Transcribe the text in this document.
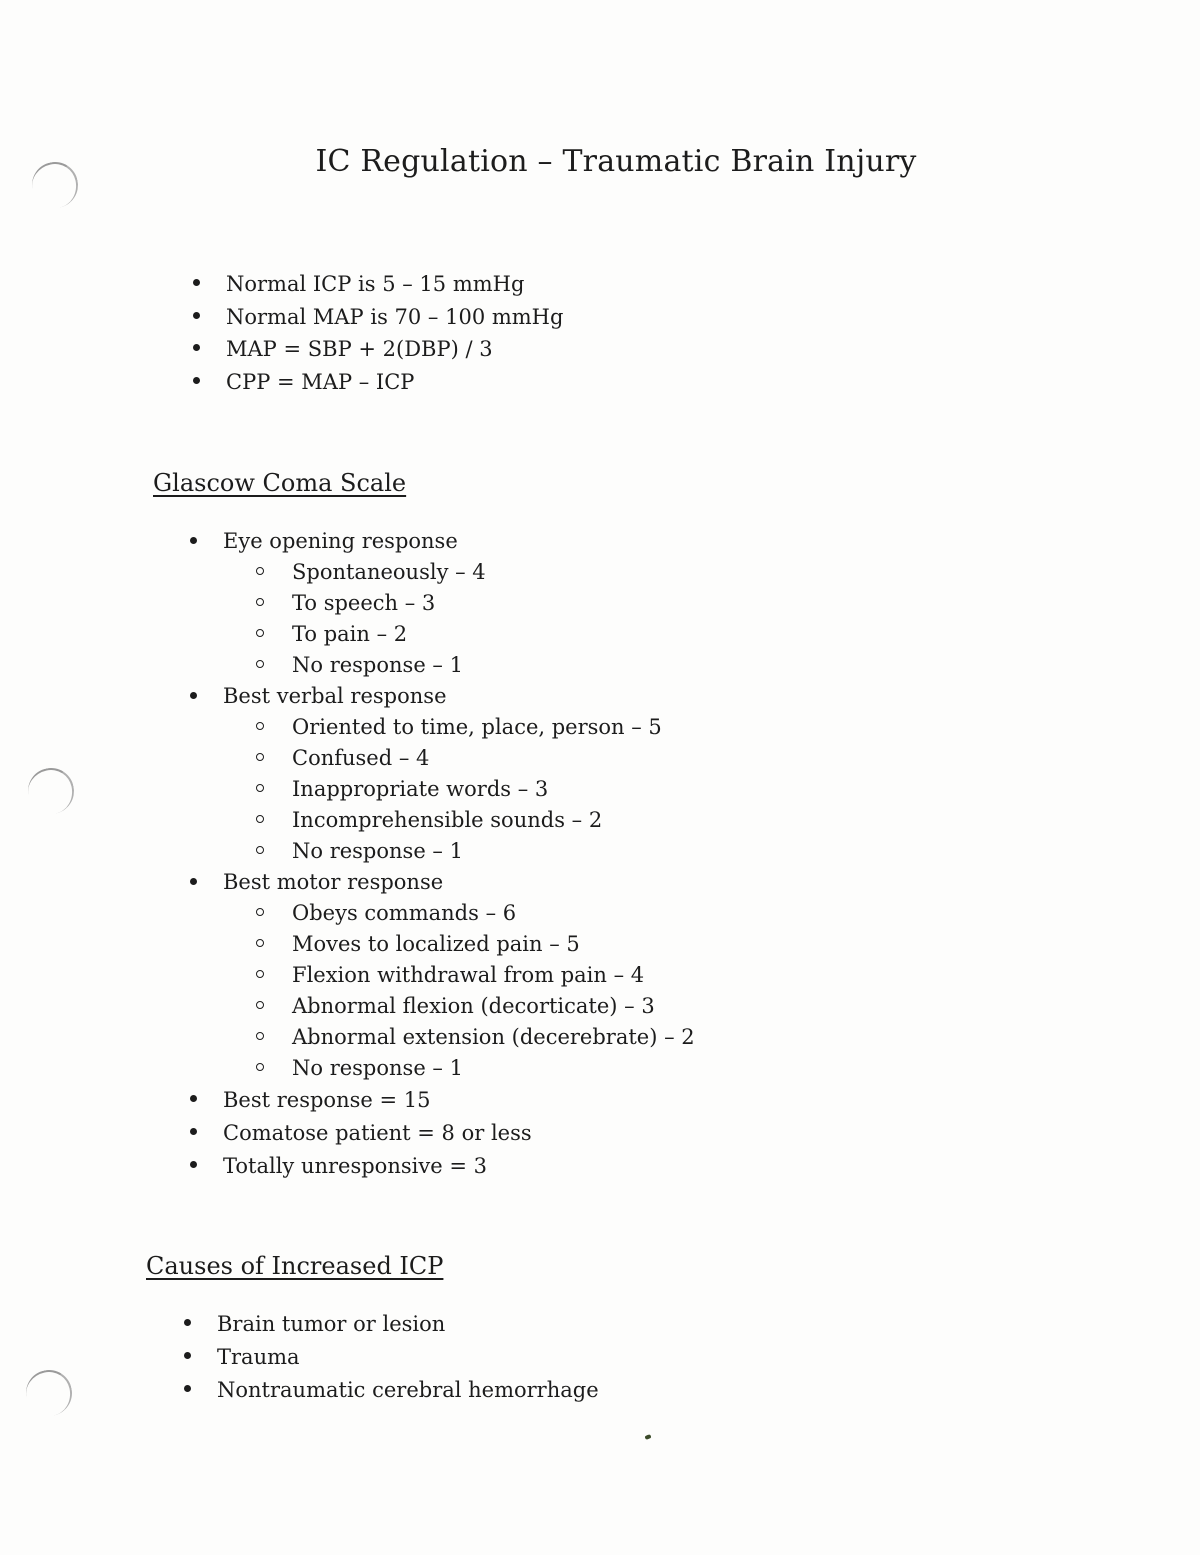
IC Regulation – Traumatic Brain Injury
Normal ICP is 5 – 15 mmHg
Normal MAP is 70 – 100 mmHg
MAP = SBP + 2(DBP) / 3
CPP = MAP – ICP
Glascow Coma Scale
Eye opening response
Spontaneously – 4
To speech – 3
To pain – 2
No response – 1
Best verbal response
Oriented to time, place, person – 5
Confused – 4
Inappropriate words – 3
Incomprehensible sounds – 2
No response – 1
Best motor response
Obeys commands – 6
Moves to localized pain – 5
Flexion withdrawal from pain – 4
Abnormal flexion (decorticate) – 3
Abnormal extension (decerebrate) – 2
No response – 1
Best response = 15
Comatose patient = 8 or less
Totally unresponsive = 3
Causes of Increased ICP
Brain tumor or lesion
Trauma
Nontraumatic cerebral hemorrhage
